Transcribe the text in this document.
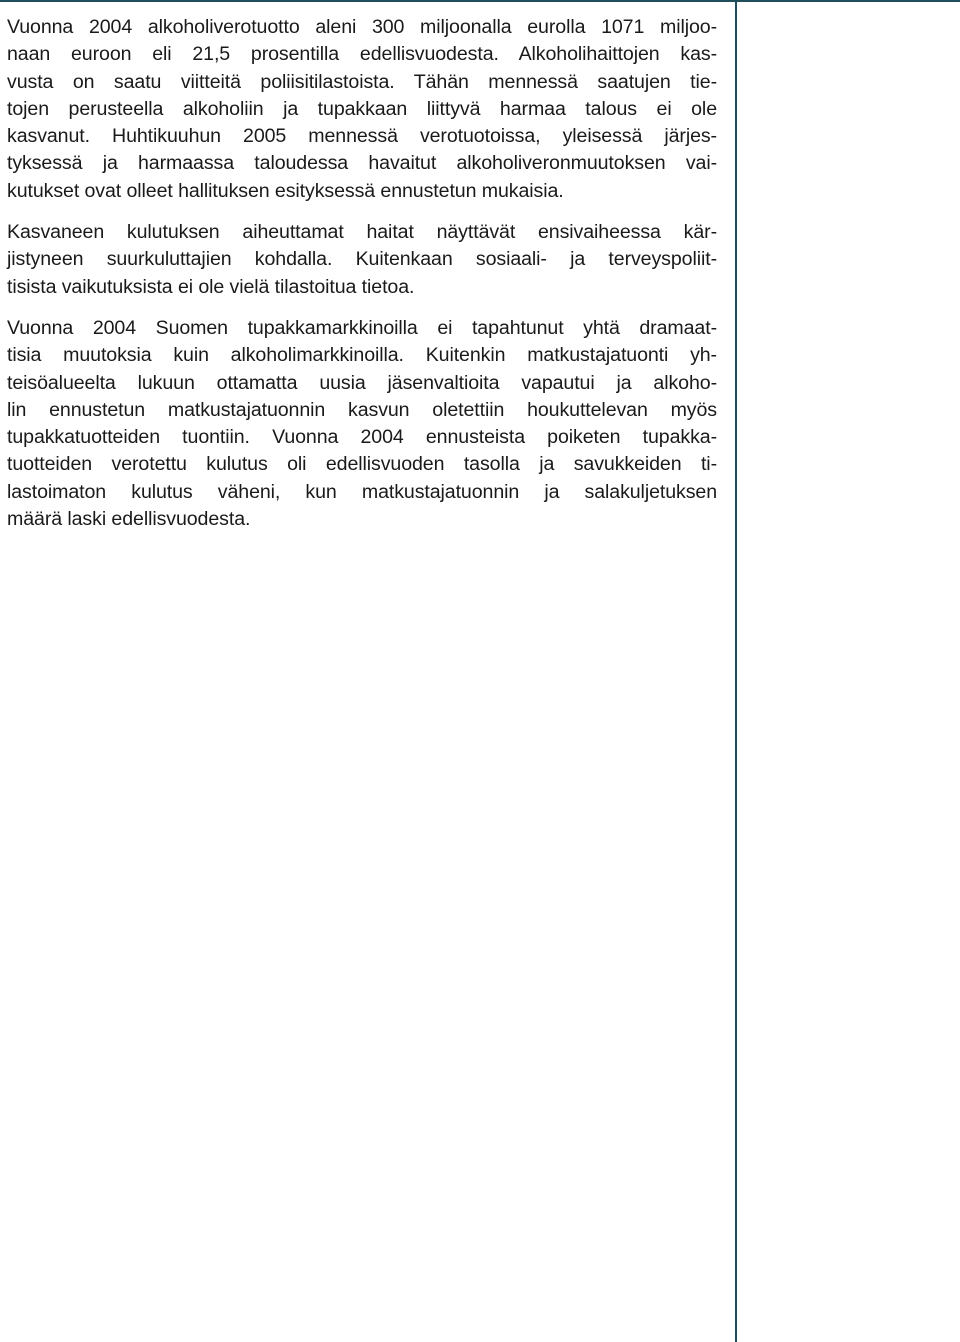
Vuonna 2004 alkoholiverotuotto aleni 300 miljoonalla eurolla 1071 miljoo-
naan euroon eli 21,5 prosentilla edellisvuodesta. Alkoholihaittojen kas-
vusta on saatu viitteitä poliisitilastoista. Tähän mennessä saatujen tie-
tojen perusteella alkoholiin ja tupakkaan liittyvä harmaa talous ei ole
kasvanut. Huhtikuuhun 2005 mennessä verotuotoissa, yleisessä järjes-
tyksessä ja harmaassa taloudessa havaitut alkoholiveronmuutoksen vai-
kutukset ovat olleet hallituksen esityksessä ennustetun mukaisia.

Kasvaneen kulutuksen aiheuttamat haitat näyttävät ensivaiheessa kär-
jistyneen suurkuluttajien kohdalla. Kuitenkaan sosiaali- ja terveyspoliit-
tisista vaikutuksista ei ole vielä tilastoitua tietoa.

Vuonna 2004 Suomen tupakkamarkkinoilla ei tapahtunut yhtä dramaat-
tisia muutoksia kuin alkoholimarkkinoilla. Kuitenkin matkustajatuonti yh-
teisöalueelta lukuun ottamatta uusia jäsenvaltioita vapautui ja alkoho-
lin ennustetun matkustajatuonnin kasvun oletettiin houkuttelevan myös
tupakkatuotteiden tuontiin. Vuonna 2004 ennusteista poiketen tupakka-
tuotteiden verotettu kulutus oli edellisvuoden tasolla ja savukkeiden ti-
lastoimaton kulutus väheni, kun matkustajatuonnin ja salakuljetuksen
määrä laski edellisvuodesta.
